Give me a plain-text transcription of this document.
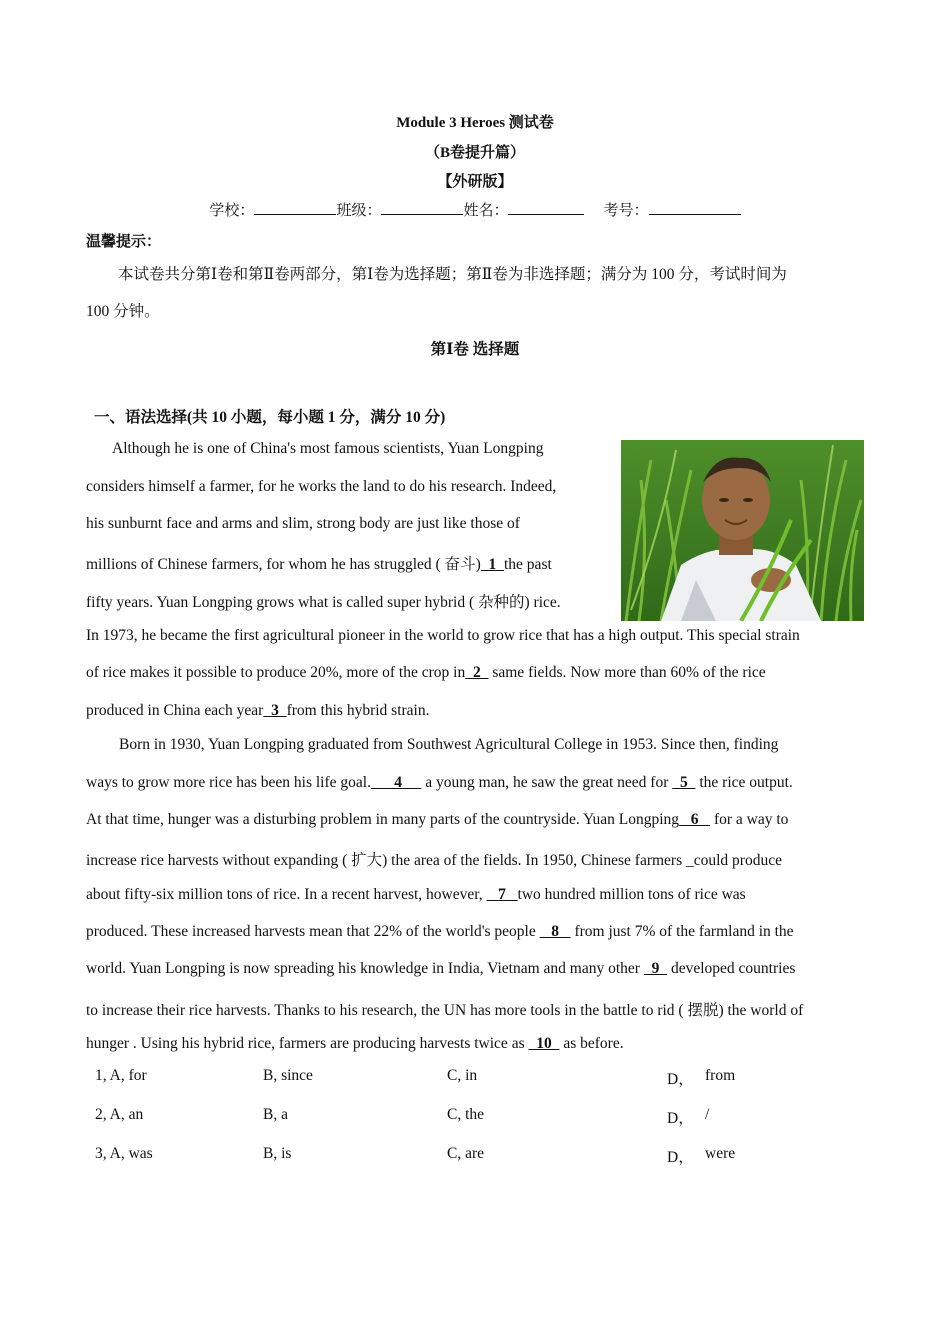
Module 3 Heroes 测试卷
（B卷提升篇）
【外研版】
学校：	班级：	姓名：	考号：
温馨提示：
本试卷共分第Ⅰ卷和第Ⅱ卷两部分，第Ⅰ卷为选择题；第Ⅱ卷为非选择题；满分为 100 分，考试时间为
100 分钟。
第Ⅰ卷 选择题
一、语法选择(共 10 小题，每小题 1 分，满分 10 分)
Although he is one of China's most famous scientists, Yuan Longping
considers himself a farmer, for he works the land to do his research. Indeed,
his sunburnt face and arms and slim, strong body are just like those of
millions of Chinese farmers, for whom he has struggled ( 奋斗)  1  the past
fifty years. Yuan Longping grows what is called super hybrid ( 杂种的) rice.
In 1973, he became the first agricultural pioneer in the world to grow rice that has a high output. This special strain
of rice makes it possible to produce 20%, more of the crop in  2   same fields. Now more than 60% of the rice
produced in China each year  3  from this hybrid strain.
Born in 1930, Yuan Longping graduated from Southwest Agricultural College in 1953. Since then, finding
ways to grow more rice has been his life goal.      4      a young man, he saw the great need for   5   the rice output.
At that time, hunger was a disturbing problem in many parts of the countryside. Yuan Longping   6    for a way to
increase rice harvests without expanding ( 扩大) the area of the fields. In 1950, Chinese farmers _could produce
about fifty-six million tons of rice. In a recent harvest, however,    7   two hundred million tons of rice was
produced. These increased harvests mean that 22% of the world's people    8    from just 7% of the farmland in the
world. Yuan Longping is now spreading his knowledge in India, Vietnam and many other   9   developed countries
to increase their rice harvests. Thanks to his research, the UN has more tools in the battle to rid ( 摆脱) the world of
hunger . Using his hybrid rice, farmers are producing harvests twice as   10   as before.
1, A, for	B, since	C, in	D， from
2, A, an	B, a	C, the	D， /
3, A, was	B, is	C, are	D， were
